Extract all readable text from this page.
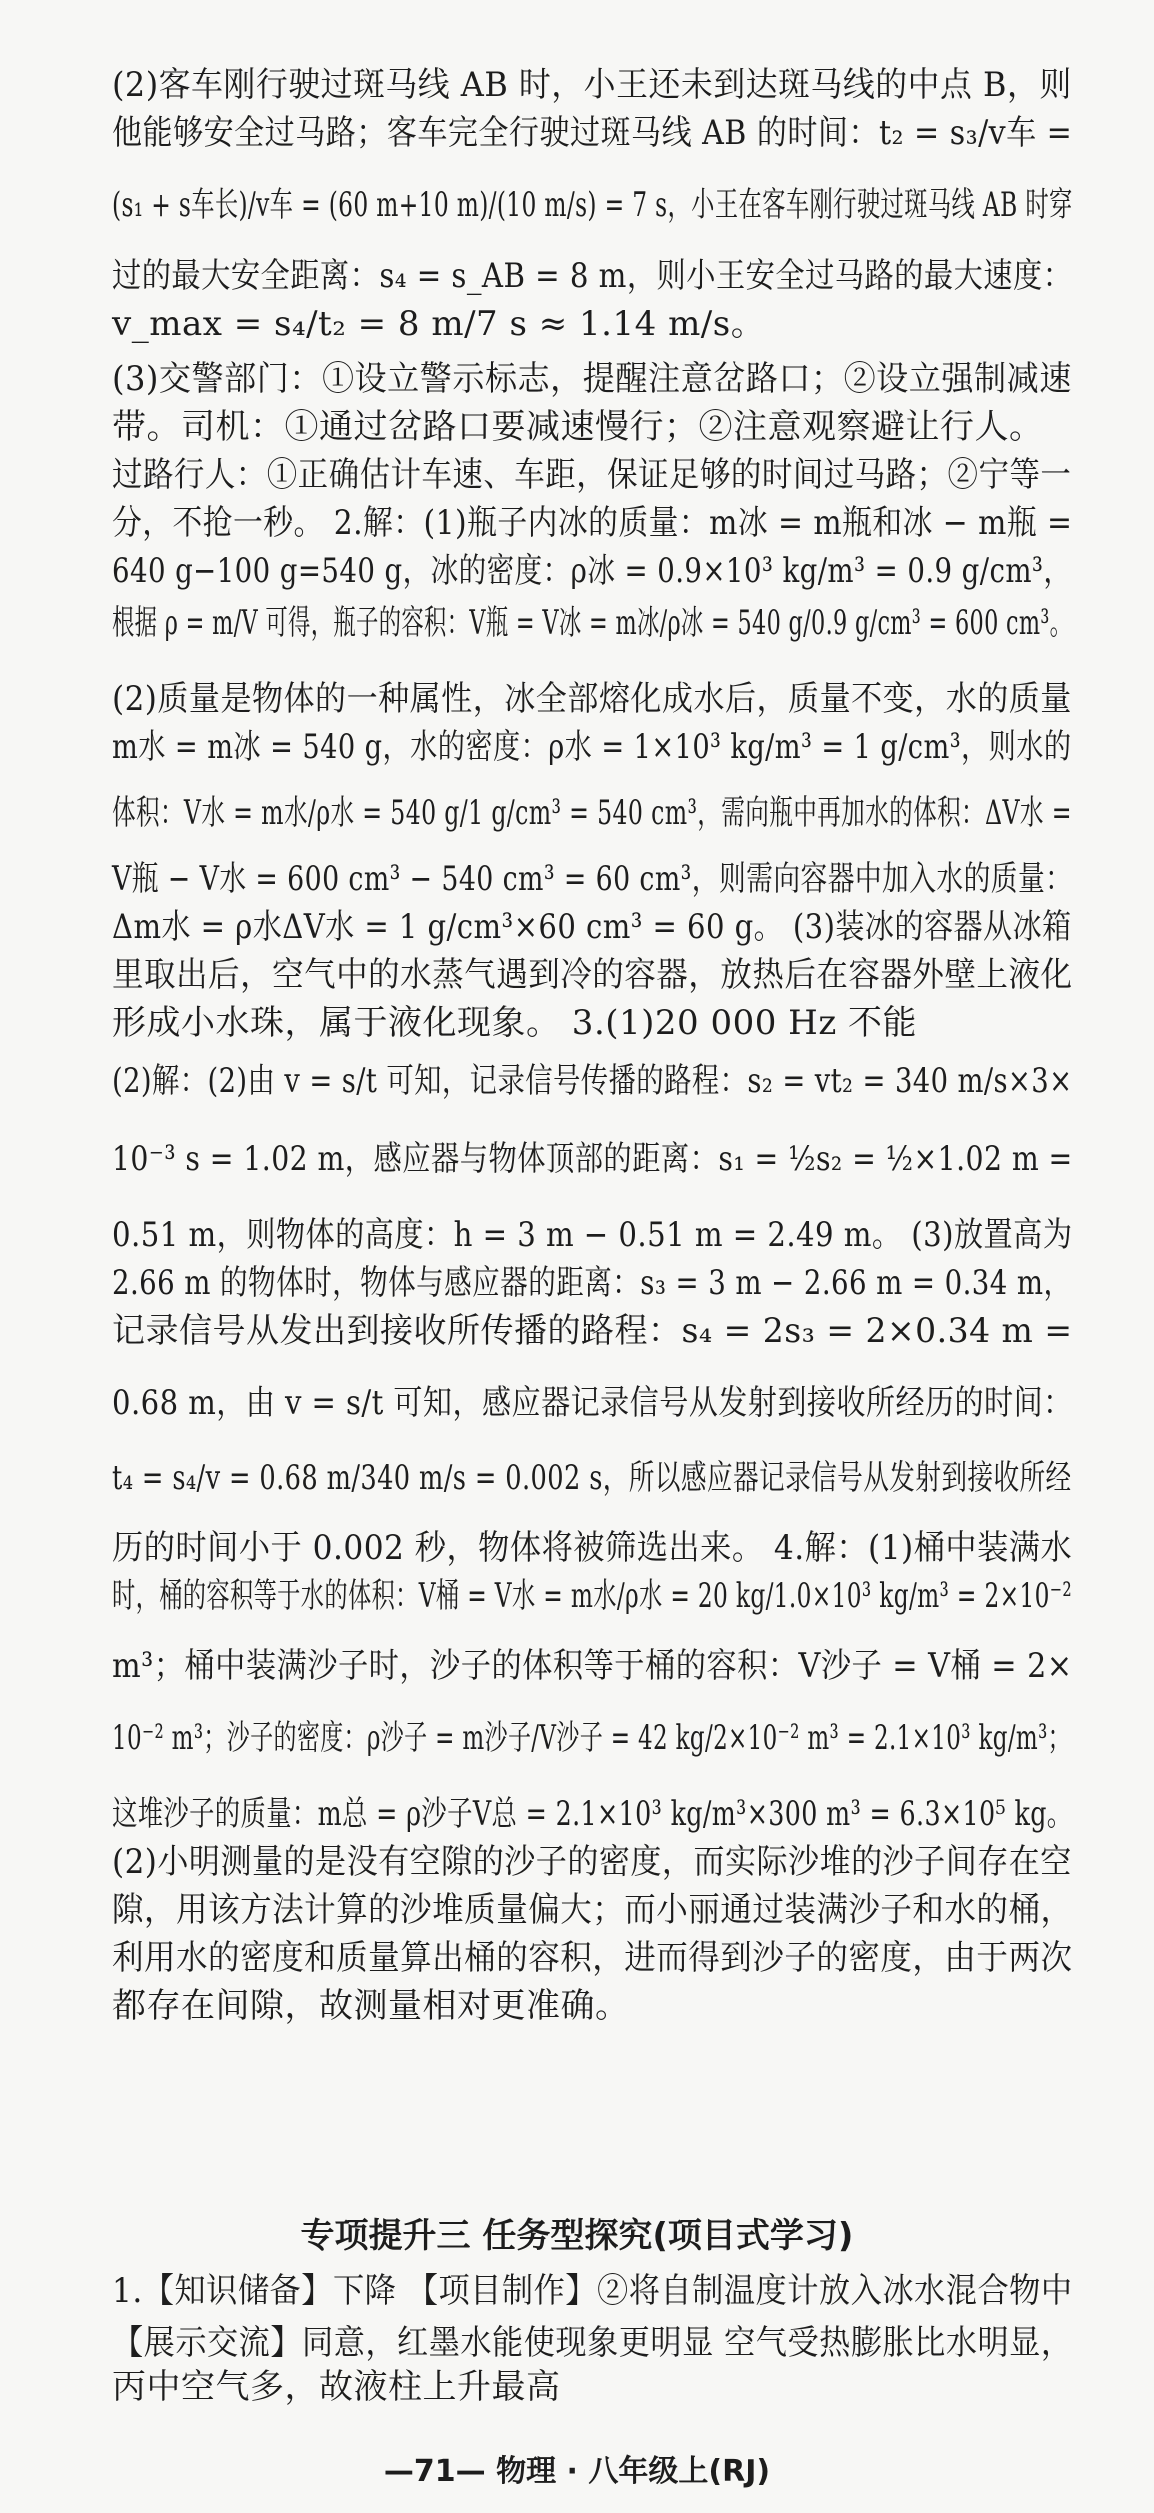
(2)客车刚行驶过斑马线 AB 时，小王还未到达斑马线的中点 B，则
他能够安全过马路；客车完全行驶过斑马线 AB 的时间：t₂ = s₃/v车 =
(s₁ + s车长)/v车 = (60 m+10 m)/(10 m/s) = 7 s，小王在客车刚行驶过斑马线 AB 时穿
过的最大安全距离：s₄ = s_AB = 8 m，则小王安全过马路的最大速度：
v_max = s₄/t₂ = 8 m/7 s ≈ 1.14 m/s。
(3)交警部门：①设立警示标志，提醒注意岔路口；②设立强制减速
带。司机：①通过岔路口要减速慢行；②注意观察避让行人。
过路行人：①正确估计车速、车距，保证足够的时间过马路；②宁等一
分，不抢一秒。 2.解：(1)瓶子内冰的质量：m冰 = m瓶和冰 − m瓶 =
640 g−100 g=540 g，冰的密度：ρ冰 = 0.9×10³ kg/m³ = 0.9 g/cm³，
根据 ρ = m/V 可得，瓶子的容积：V瓶 = V冰 = m冰/ρ冰 = 540 g/0.9 g/cm³ = 600 cm³。
(2)质量是物体的一种属性，冰全部熔化成水后，质量不变，水的质量
m水 = m冰 = 540 g，水的密度：ρ水 = 1×10³ kg/m³ = 1 g/cm³，则水的
体积：V水 = m水/ρ水 = 540 g/1 g/cm³ = 540 cm³，需向瓶中再加水的体积：ΔV水 =
V瓶 − V水 = 600 cm³ − 540 cm³ = 60 cm³，则需向容器中加入水的质量：
Δm水 = ρ水ΔV水 = 1 g/cm³×60 cm³ = 60 g。 (3)装冰的容器从冰箱
里取出后，空气中的水蒸气遇到冷的容器，放热后在容器外壁上液化
形成小水珠，属于液化现象。 3.(1)20 000 Hz 不能
(2)解：(2)由 v = s/t 可知，记录信号传播的路程：s₂ = vt₂ = 340 m/s×3×
10⁻³ s = 1.02 m，感应器与物体顶部的距离：s₁ = ½s₂ = ½×1.02 m =
0.51 m，则物体的高度：h = 3 m − 0.51 m = 2.49 m。 (3)放置高为
2.66 m 的物体时，物体与感应器的距离：s₃ = 3 m − 2.66 m = 0.34 m，
记录信号从发出到接收所传播的路程：s₄ = 2s₃ = 2×0.34 m =
0.68 m，由 v = s/t 可知，感应器记录信号从发射到接收所经历的时间：
t₄ = s₄/v = 0.68 m/340 m/s = 0.002 s，所以感应器记录信号从发射到接收所经
历的时间小于 0.002 秒，物体将被筛选出来。 4.解：(1)桶中装满水
时，桶的容积等于水的体积：V桶 = V水 = m水/ρ水 = 20 kg/1.0×10³ kg/m³ = 2×10⁻²
m³；桶中装满沙子时，沙子的体积等于桶的容积：V沙子 = V桶 = 2×
10⁻² m³；沙子的密度：ρ沙子 = m沙子/V沙子 = 42 kg/2×10⁻² m³ = 2.1×10³ kg/m³；
这堆沙子的质量：m总 = ρ沙子V总 = 2.1×10³ kg/m³×300 m³ = 6.3×10⁵ kg。
(2)小明测量的是没有空隙的沙子的密度，而实际沙堆的沙子间存在空
隙，用该方法计算的沙堆质量偏大；而小丽通过装满沙子和水的桶，
利用水的密度和质量算出桶的容积，进而得到沙子的密度，由于两次
都存在间隙，故测量相对更准确。
专项提升三 任务型探究(项目式学习)
1.【知识储备】下降 【项目制作】②将自制温度计放入冰水混合物中
【展示交流】同意，红墨水能使现象更明显 空气受热膨胀比水明显，
丙中空气多，故液柱上升最高
—71— 物理 · 八年级上(RJ)
